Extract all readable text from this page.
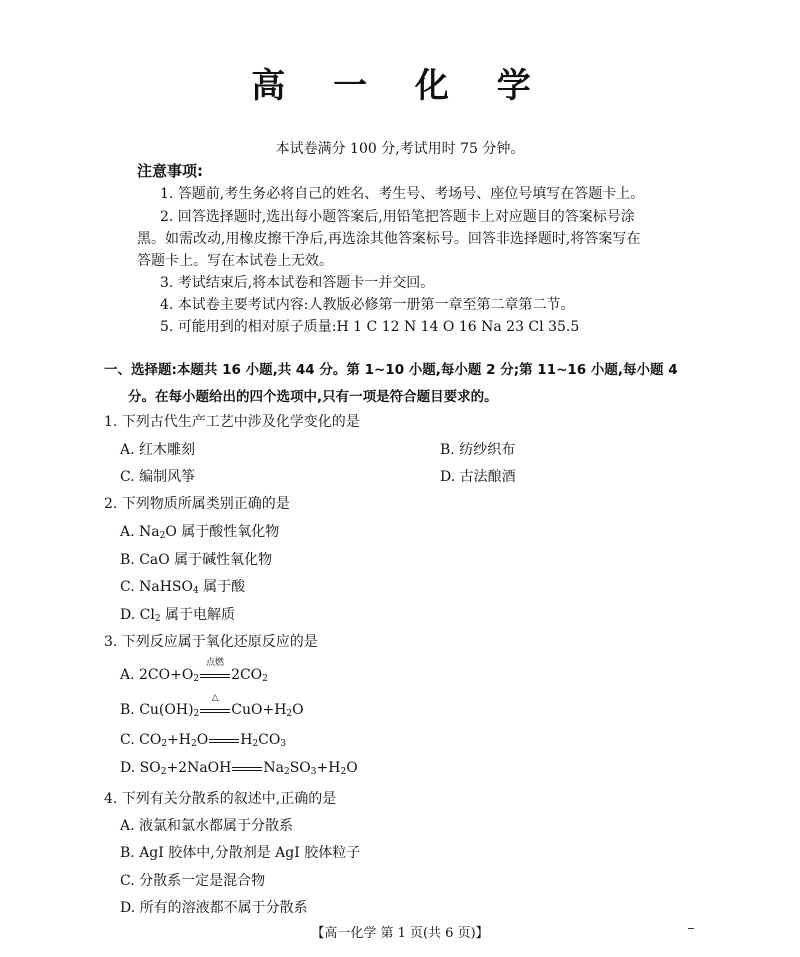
高 一 化 学
本试卷满分 100 分,考试用时 75 分钟。
注意事项:
1. 答题前,考生务必将自己的姓名、考生号、考场号、座位号填写在答题卡上。
2. 回答选择题时,选出每小题答案后,用铅笔把答题卡上对应题目的答案标号涂
黑。如需改动,用橡皮擦干净后,再选涂其他答案标号。回答非选择题时,将答案写在
答题卡上。写在本试卷上无效。
3. 考试结束后,将本试卷和答题卡一并交回。
4. 本试卷主要考试内容:人教版必修第一册第一章至第二章第二节。
5. 可能用到的相对原子质量:H 1 C 12 N 14 O 16 Na 23 Cl 35.5
一、选择题:本题共 16 小题,共 44 分。第 1~10 小题,每小题 2 分;第 11~16 小题,每小题 4
分。在每小题给出的四个选项中,只有一项是符合题目要求的。
1. 下列古代生产工艺中涉及化学变化的是
A. 红木雕刻	B. 纺纱织布
C. 编制风筝	D. 古法酿酒
2. 下列物质所属类别正确的是
A. $Na_2O$ 属于酸性氧化物
B. CaO 属于碱性氧化物
C. NaHSO$_4$ 属于酸
D. $Cl_2$ 属于电解质
3. 下列反应属于氧化还原反应的是
A. $2CO+O_2$
点燃
$2CO_2$
B. $Cu(OH)_2$
△
$CuO+H_2O$
C. $CO_2+H_2O$ $H_2CO_3$
D. $SO_2+2NaOH$ $Na_2SO_3+H_2O$
4. 下列有关分散系的叙述中,正确的是
A. 液氯和氯水都属于分散系
B. AgI 胶体中,分散剂是 AgI 胶体粒子
C. 分散系一定是混合物
D. 所有的溶液都不属于分散系
【高一化学 第 1 页(共 6 页)】
